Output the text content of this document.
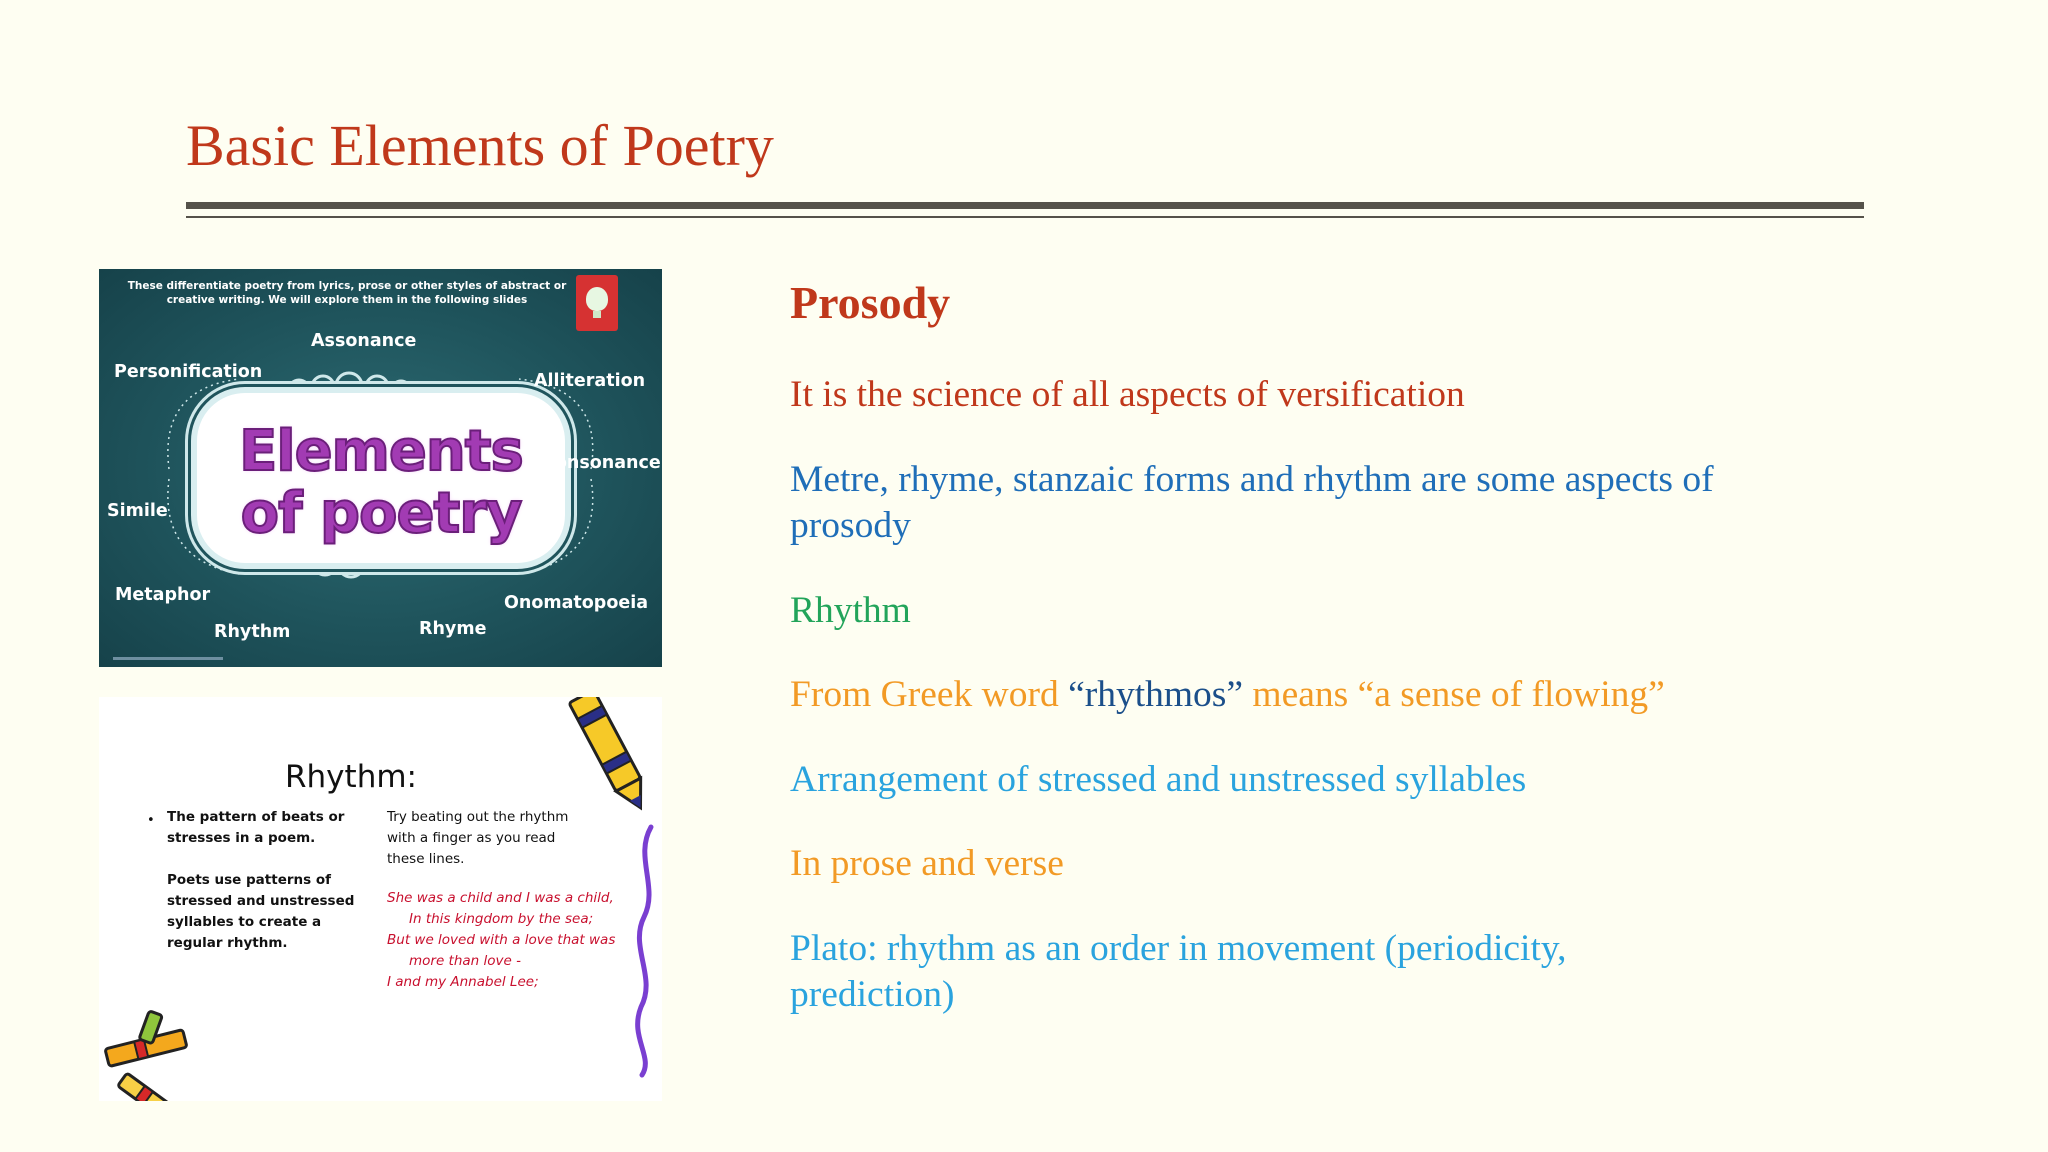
Basic Elements of Poetry
These differentiate poetry from lyrics, prose or other styles of abstract or
creative writing. We will explore them in the following slides
Elements
of poetry
Assonance
Personification	Alliteration
Consonance
Simile
Metaphor	Onomatopoeia
Rhythm	Rhyme
Rhythm:
• The pattern of beats or
stresses in a poem.
Poets use patterns of
stressed and unstressed
syllables to create a
regular rhythm.
Try beating out the rhythm
with a finger as you read
these lines.
She was a child and I was a child,
In this kingdom by the sea;
But we loved with a love that was
more than love -
I and my Annabel Lee;
Prosody
It is the science of all aspects of versification
Metre, rhyme, stanzaic forms and rhythm are some aspects of
prosody
Rhythm
From Greek word “rhythmos” means “a sense of flowing”
Arrangement of stressed and unstressed syllables
In prose and verse
Plato: rhythm as an order in movement (periodicity,
prediction)
